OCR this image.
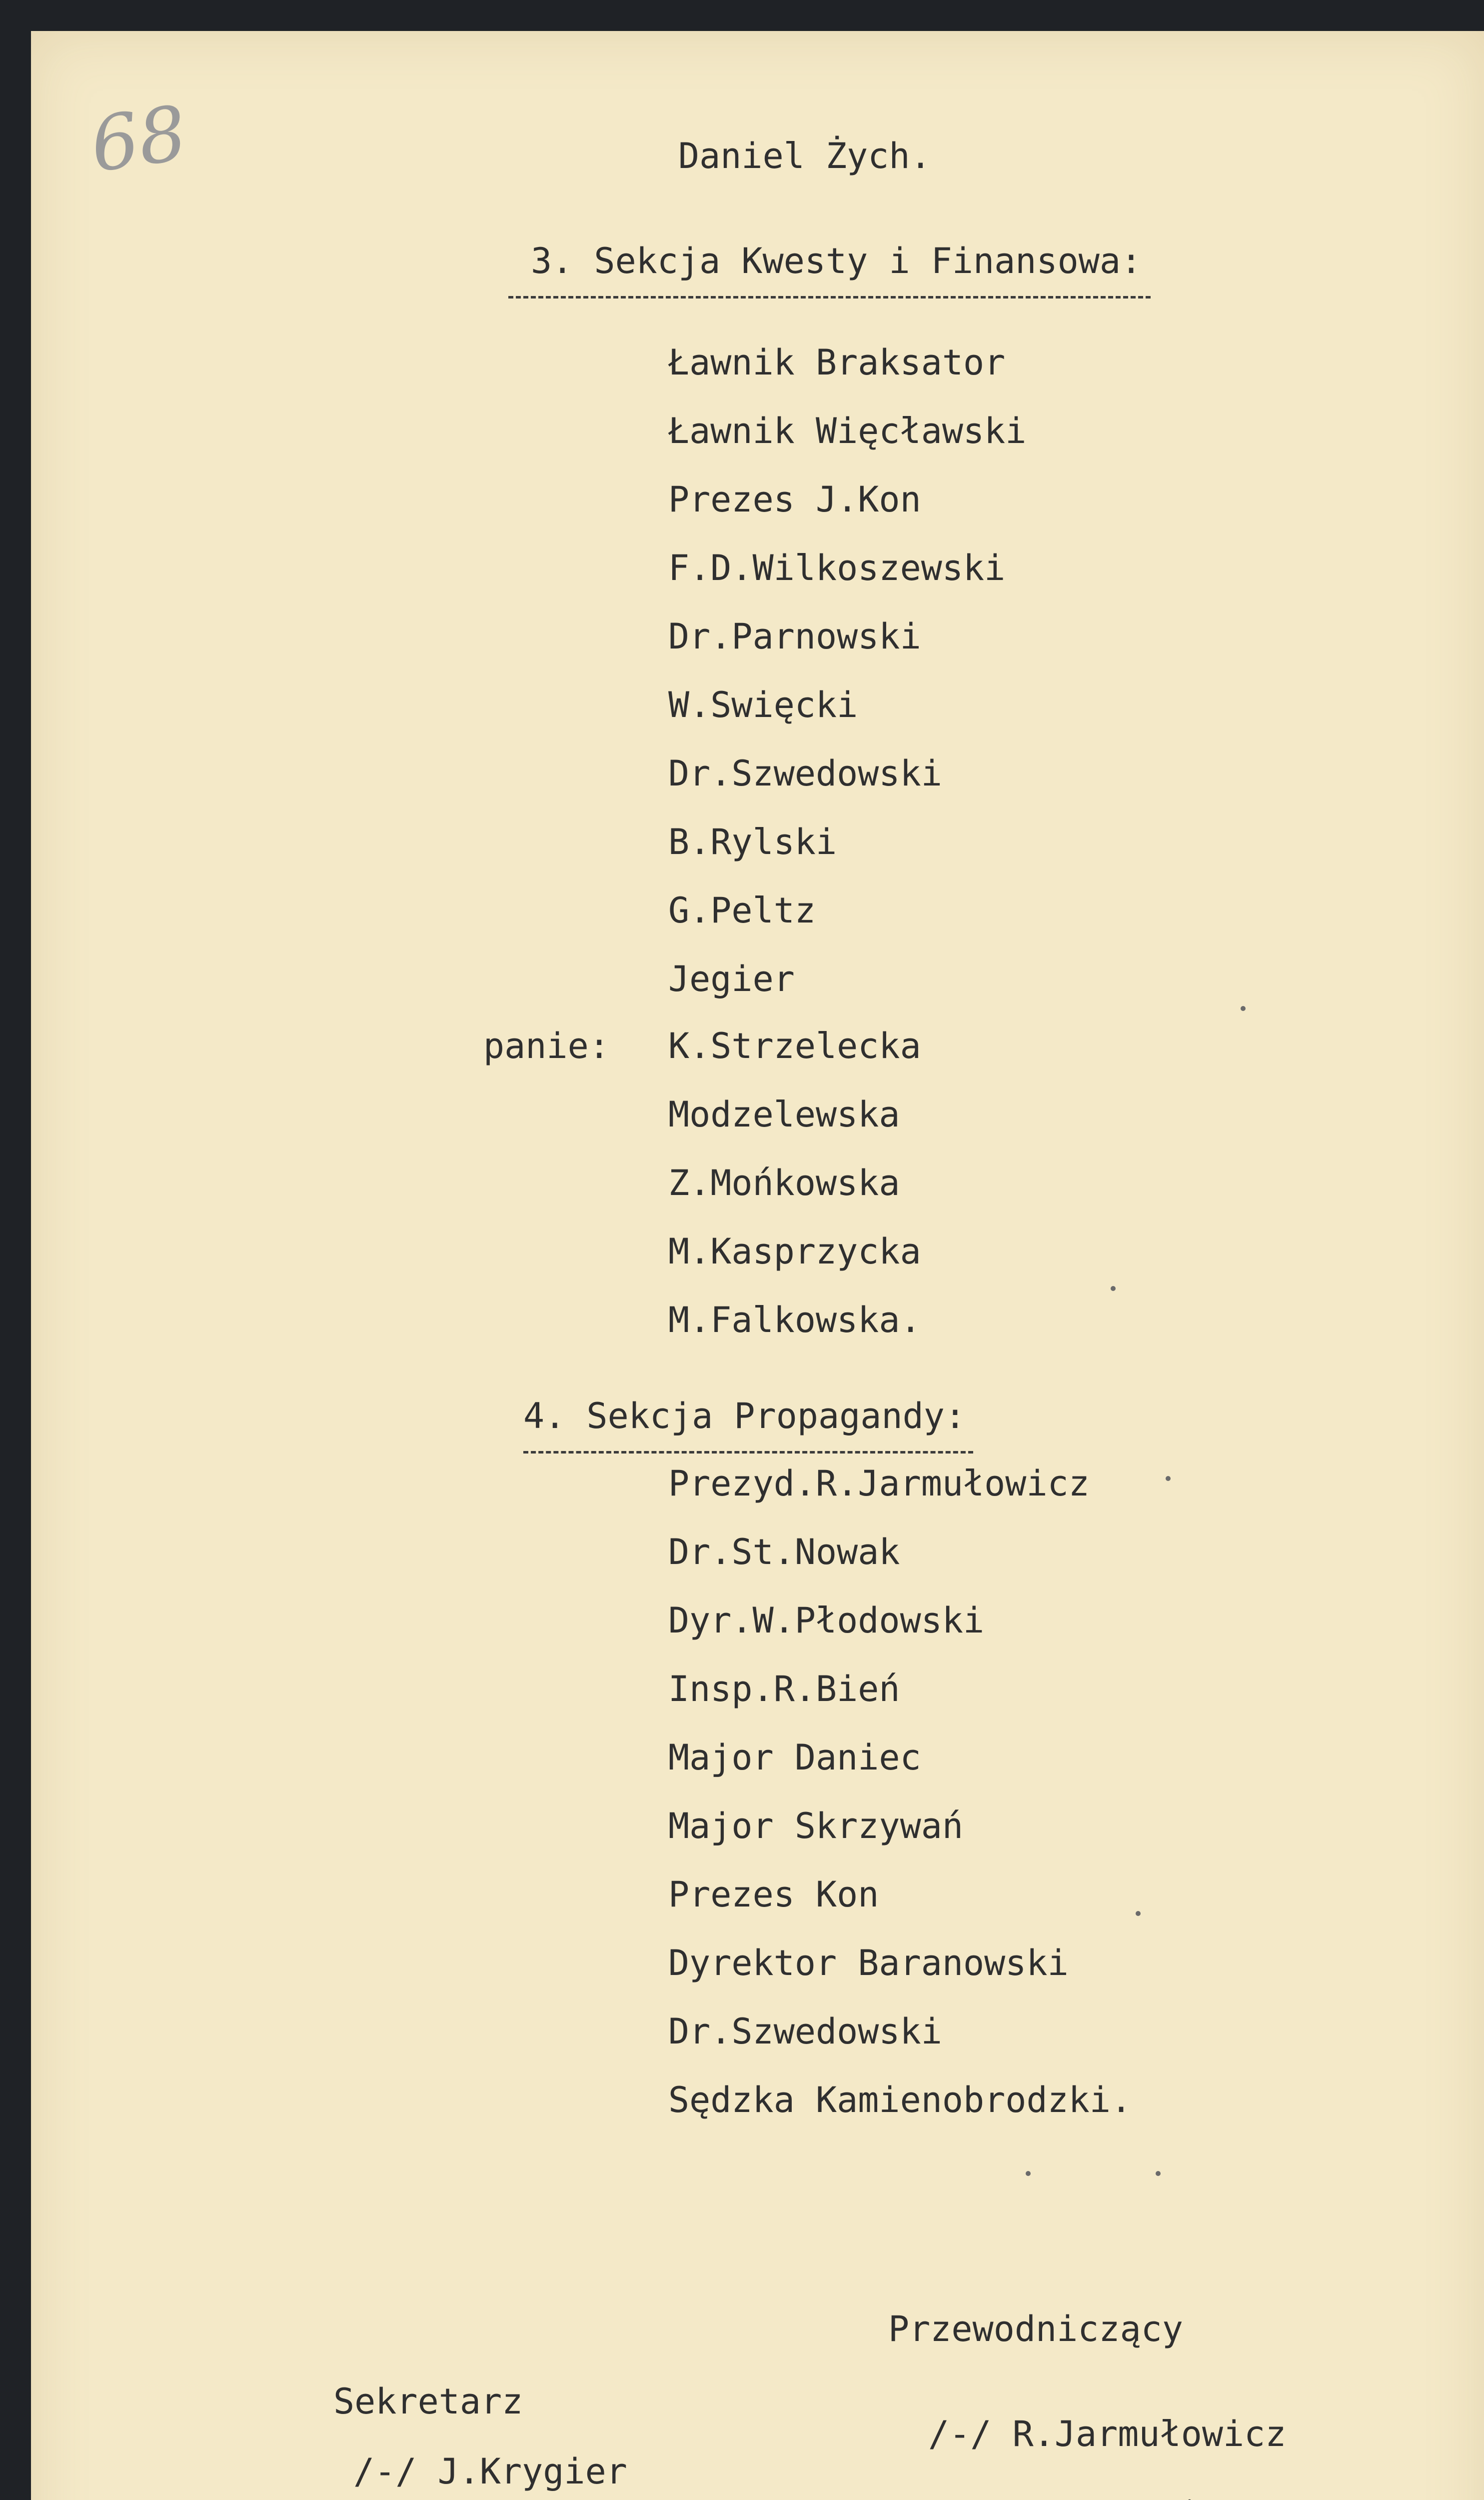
68	Daniel Żych.
3. Sekcja Kwesty i Finansowa:
Ławnik Braksator
Ławnik Więcławski
Prezes J.Kon
F.D.Wilkoszewski
Dr.Parnowski
W.Swięcki
Dr.Szwedowski
B.Rylski
G.Peltz
Jegier
panie: K.Strzelecka
Modzelewska
Z.Mońkowska
M.Kasprzycka
M.Falkowska.
4. Sekcja Propagandy:
Prezyd.R.Jarmułowicz
Dr.St.Nowak
Dyr.W.Płodowski
Insp.R.Bień
Major Daniec
Major Skrzywań
Prezes Kon
Dyrektor Baranowski
Dr.Szwedowski
Sędzka Kamienobrodzki.
Przewodniczący
/-/ R.Jarmułowicz
Sekretarz
/-/ J.Krygier
